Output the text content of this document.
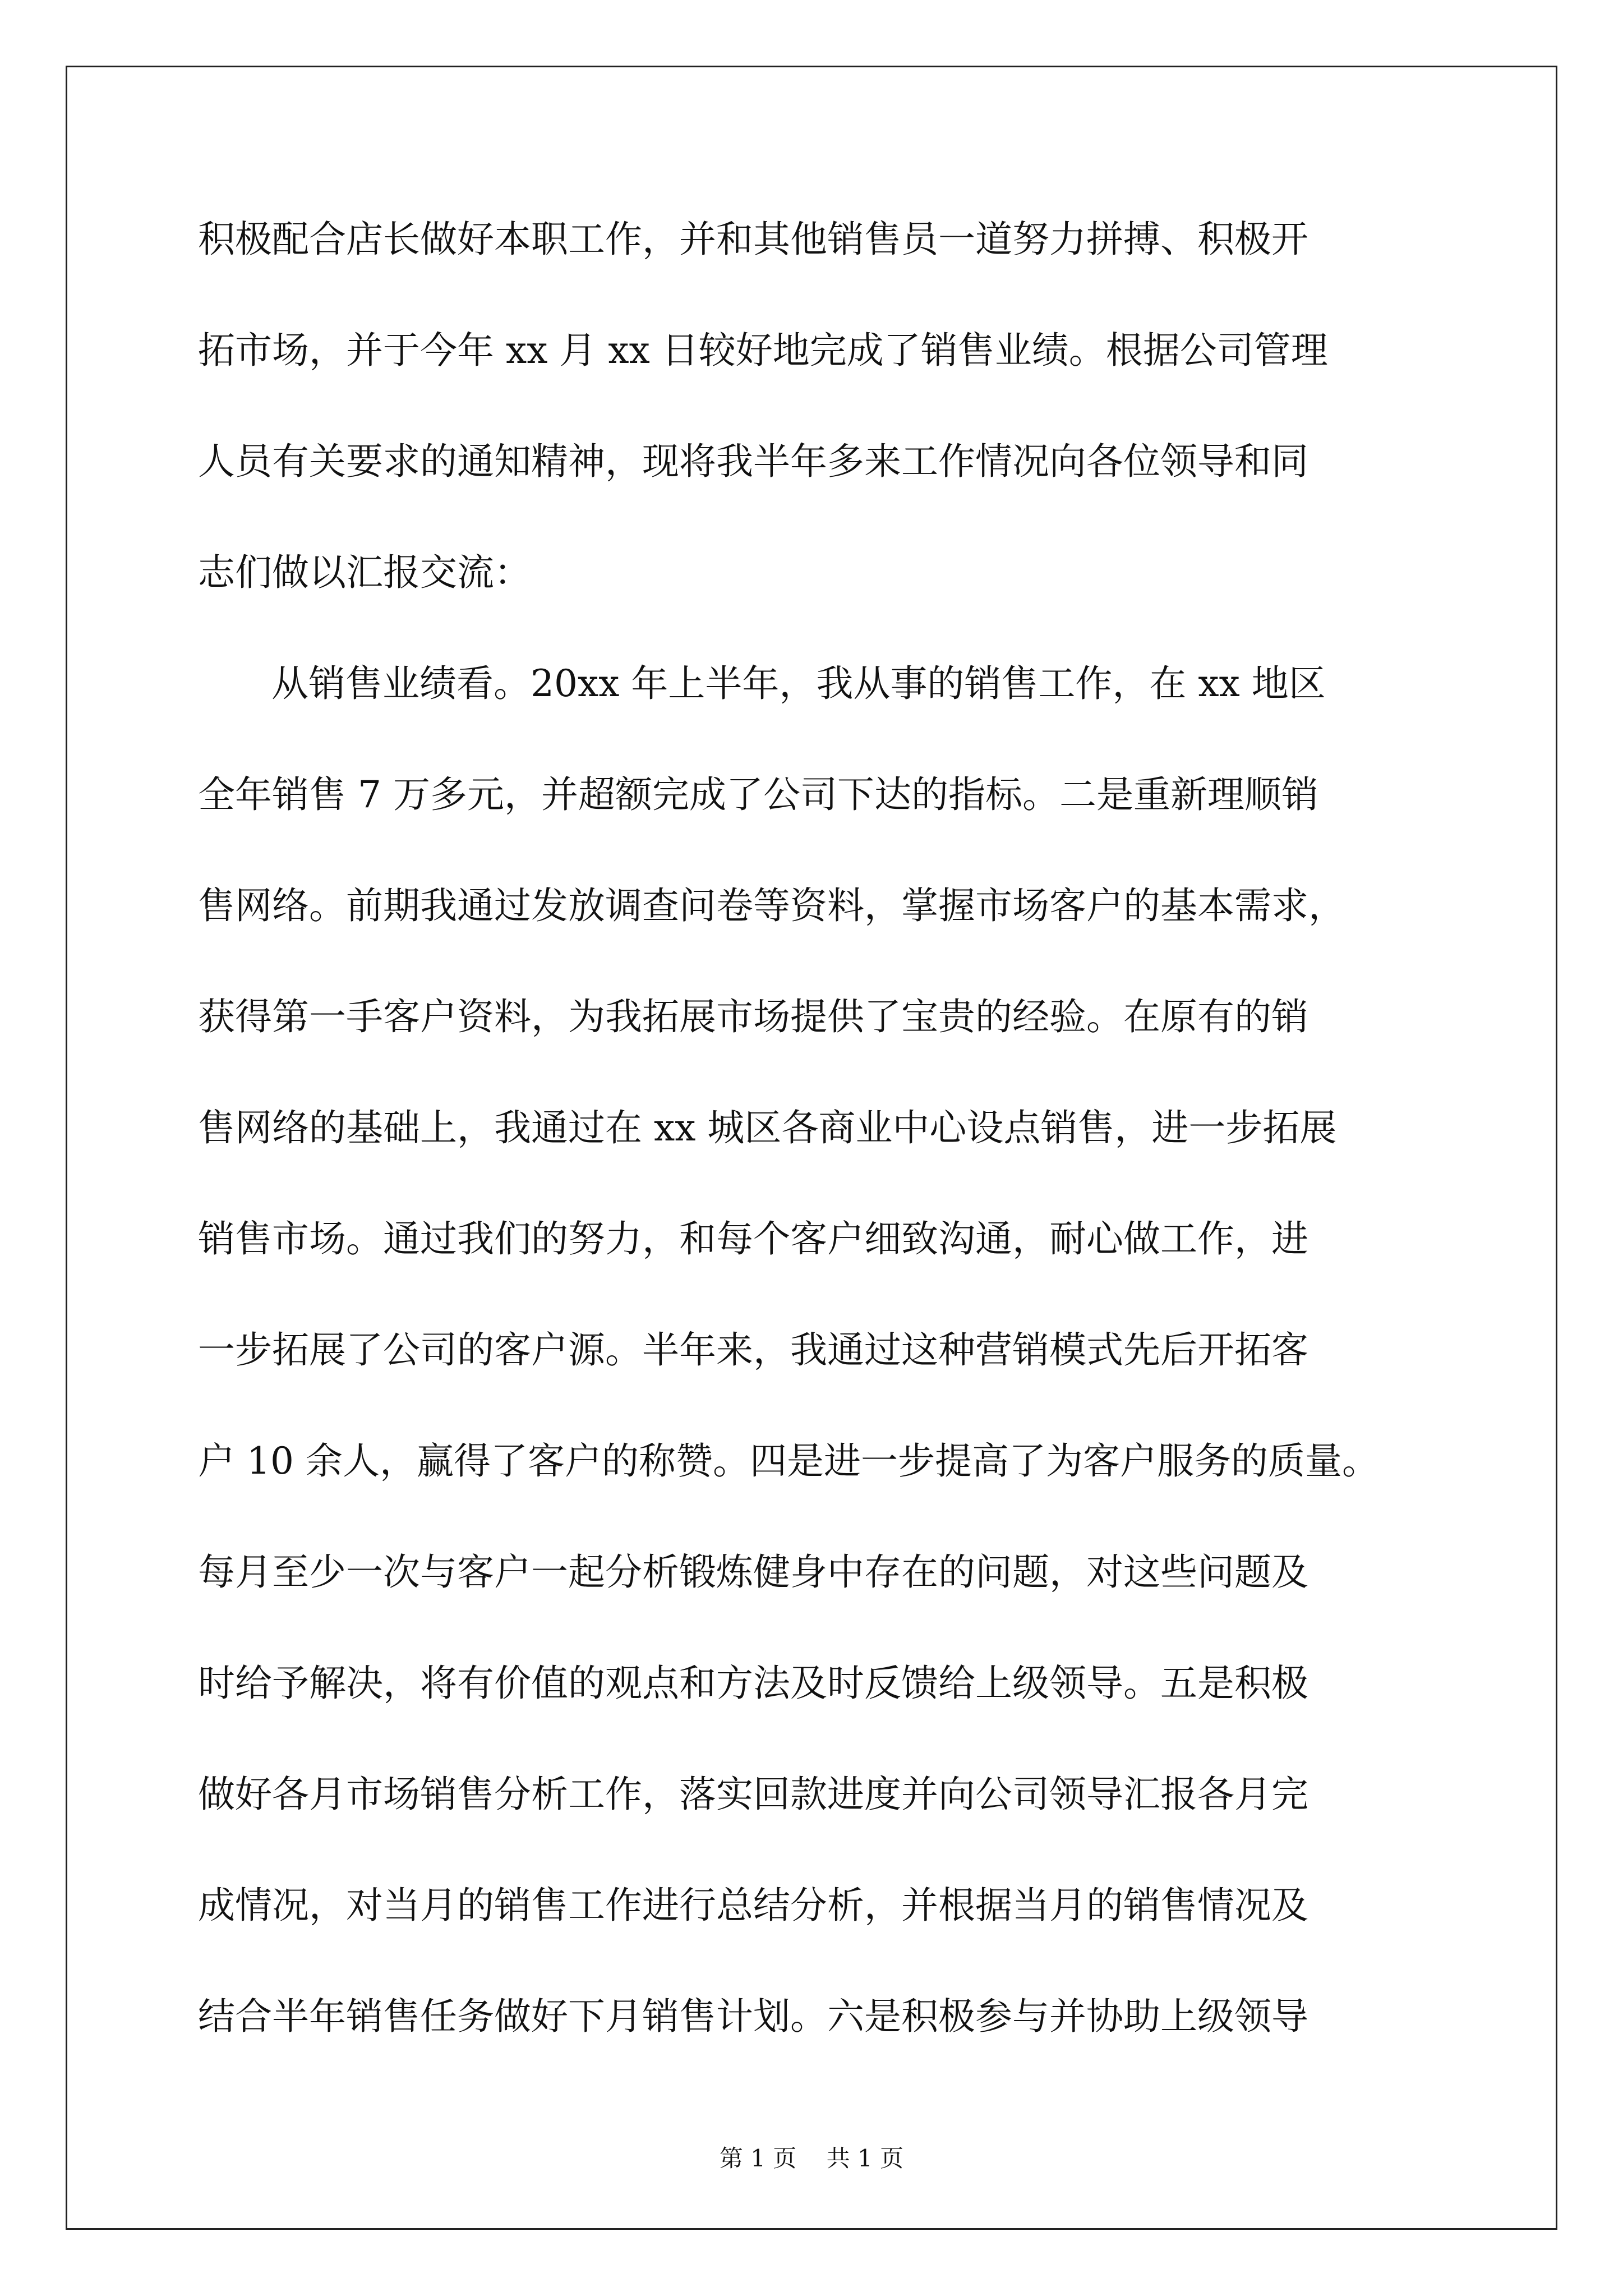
积极配合店长做好本职工作，并和其他销售员一道努力拼搏、积极开
拓市场，并于今年 xx 月 xx 日较好地完成了销售业绩。根据公司管理
人员有关要求的通知精神，现将我半年多来工作情况向各位领导和同
志们做以汇报交流：
从销售业绩看。20xx 年上半年，我从事的销售工作，在 xx 地区
全年销售 7 万多元，并超额完成了公司下达的指标。二是重新理顺销
售网络。前期我通过发放调查问卷等资料，掌握市场客户的基本需求，
获得第一手客户资料，为我拓展市场提供了宝贵的经验。在原有的销
售网络的基础上，我通过在 xx 城区各商业中心设点销售，进一步拓展
销售市场。通过我们的努力，和每个客户细致沟通，耐心做工作，进
一步拓展了公司的客户源。半年来，我通过这种营销模式先后开拓客
户 10 余人，赢得了客户的称赞。四是进一步提高了为客户服务的质量。
每月至少一次与客户一起分析锻炼健身中存在的问题，对这些问题及
时给予解决，将有价值的观点和方法及时反馈给上级领导。五是积极
做好各月市场销售分析工作，落实回款进度并向公司领导汇报各月完
成情况，对当月的销售工作进行总结分析，并根据当月的销售情况及
结合半年销售任务做好下月销售计划。六是积极参与并协助上级领导
第 1 页    共 1 页
